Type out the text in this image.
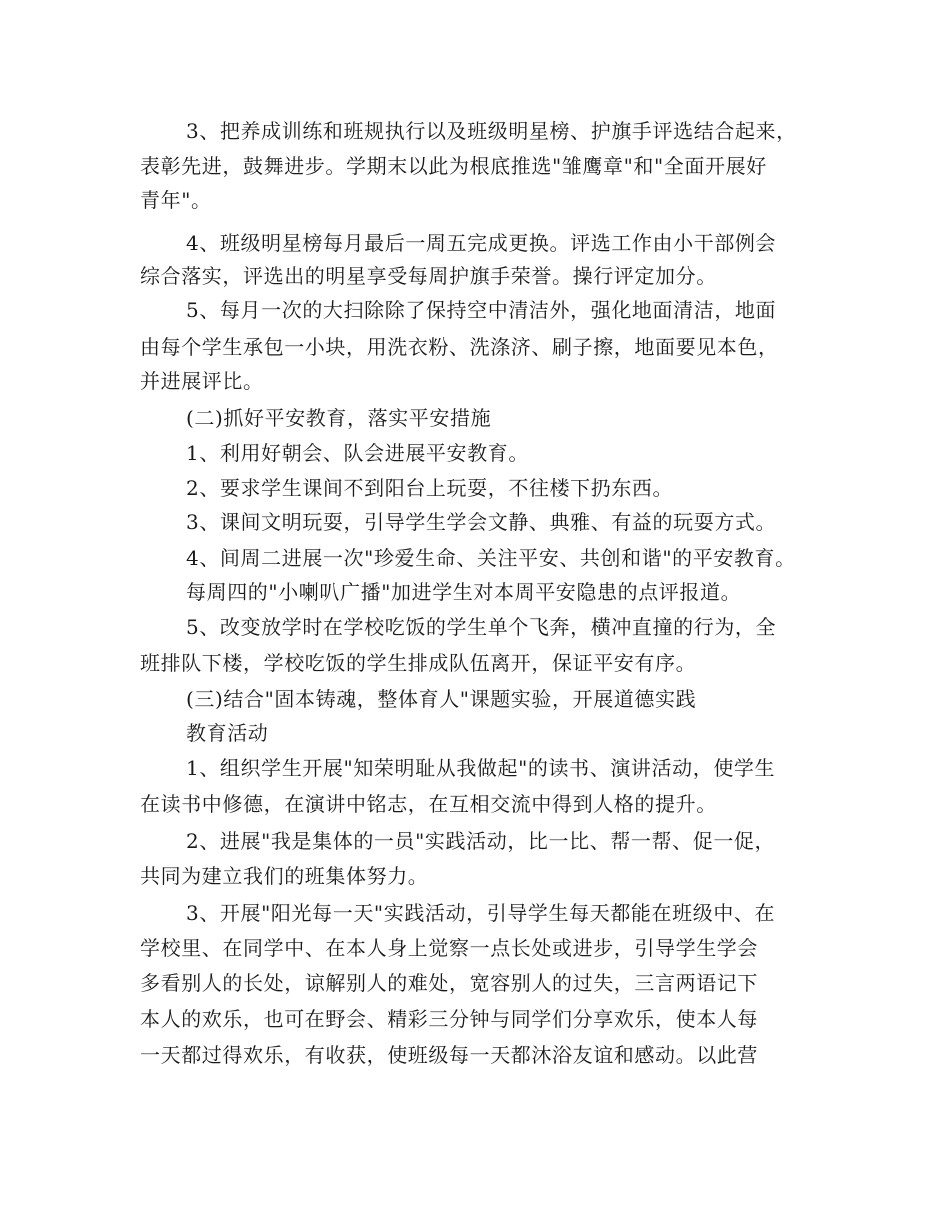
3、把养成训练和班规执行以及班级明星榜、护旗手评选结合起来，
表彰先进，鼓舞进步。学期末以此为根底推选"雏鹰章"和"全面开展好
青年"。
4、班级明星榜每月最后一周五完成更换。评选工作由小干部例会
综合落实，评选出的明星享受每周护旗手荣誉。操行评定加分。
5、每月一次的大扫除除了保持空中清洁外，强化地面清洁，地面
由每个学生承包一小块，用洗衣粉、洗涤济、刷子擦，地面要见本色，
并进展评比。
(二)抓好平安教育，落实平安措施
1、利用好朝会、队会进展平安教育。
2、要求学生课间不到阳台上玩耍，不往楼下扔东西。
3、课间文明玩耍，引导学生学会文静、典雅、有益的玩耍方式。
4、间周二进展一次"珍爱生命、关注平安、共创和谐"的平安教育。
每周四的"小喇叭广播"加进学生对本周平安隐患的点评报道。
5、改变放学时在学校吃饭的学生单个飞奔，横冲直撞的行为，全
班排队下楼，学校吃饭的学生排成队伍离开，保证平安有序。
(三)结合"固本铸魂，整体育人"课题实验，开展道德实践
教育活动
1、组织学生开展"知荣明耻从我做起"的读书、演讲活动，使学生
在读书中修德，在演讲中铭志，在互相交流中得到人格的提升。
2、进展"我是集体的一员"实践活动，比一比、帮一帮、促一促，
共同为建立我们的班集体努力。
3、开展"阳光每一天"实践活动，引导学生每天都能在班级中、在
学校里、在同学中、在本人身上觉察一点长处或进步，引导学生学会
多看别人的长处，谅解别人的难处，宽容别人的过失，三言两语记下
本人的欢乐，也可在野会、精彩三分钟与同学们分享欢乐，使本人每
一天都过得欢乐，有收获，使班级每一天都沐浴友谊和感动。以此营
